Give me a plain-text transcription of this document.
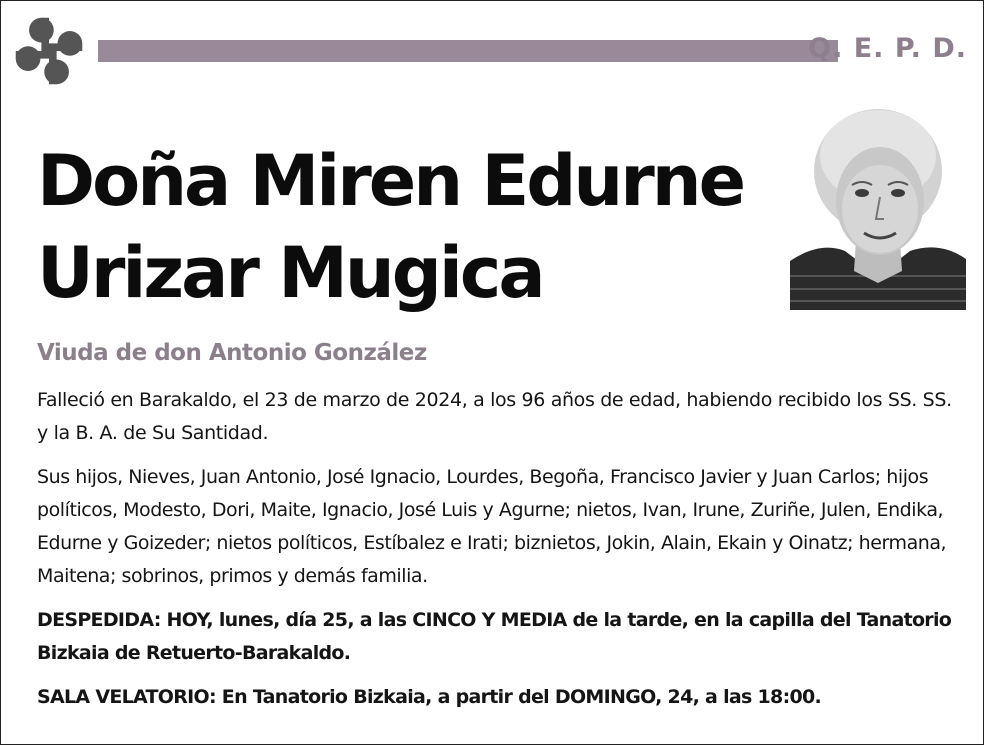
Q. E. P. D.
Doña Miren Edurne
Urizar Mugica
Viuda de don Antonio González

Falleció en Barakaldo, el 23 de marzo de 2024, a los 96 años de edad, habiendo recibido los SS. SS. y la B. A. de Su Santidad.

Sus hijos, Nieves, Juan Antonio, José Ignacio, Lourdes, Begoña, Francisco Javier y Juan Carlos; hijos políticos, Modesto, Dori, Maite, Ignacio, José Luis y Agurne; nietos, Ivan, Irune, Zuriñe, Julen, Endika, Edurne y Goizeder; nietos políticos, Estíbalez e Irati; biznietos, Jokin, Alain, Ekain y Oinatz; hermana, Maitena; sobrinos, primos y demás familia.

DESPEDIDA: HOY, lunes, día 25, a las CINCO Y MEDIA de la tarde, en la capilla del Tanatorio Bizkaia de Retuerto-Barakaldo.

SALA VELATORIO: En Tanatorio Bizkaia, a partir del DOMINGO, 24, a las 18:00.
